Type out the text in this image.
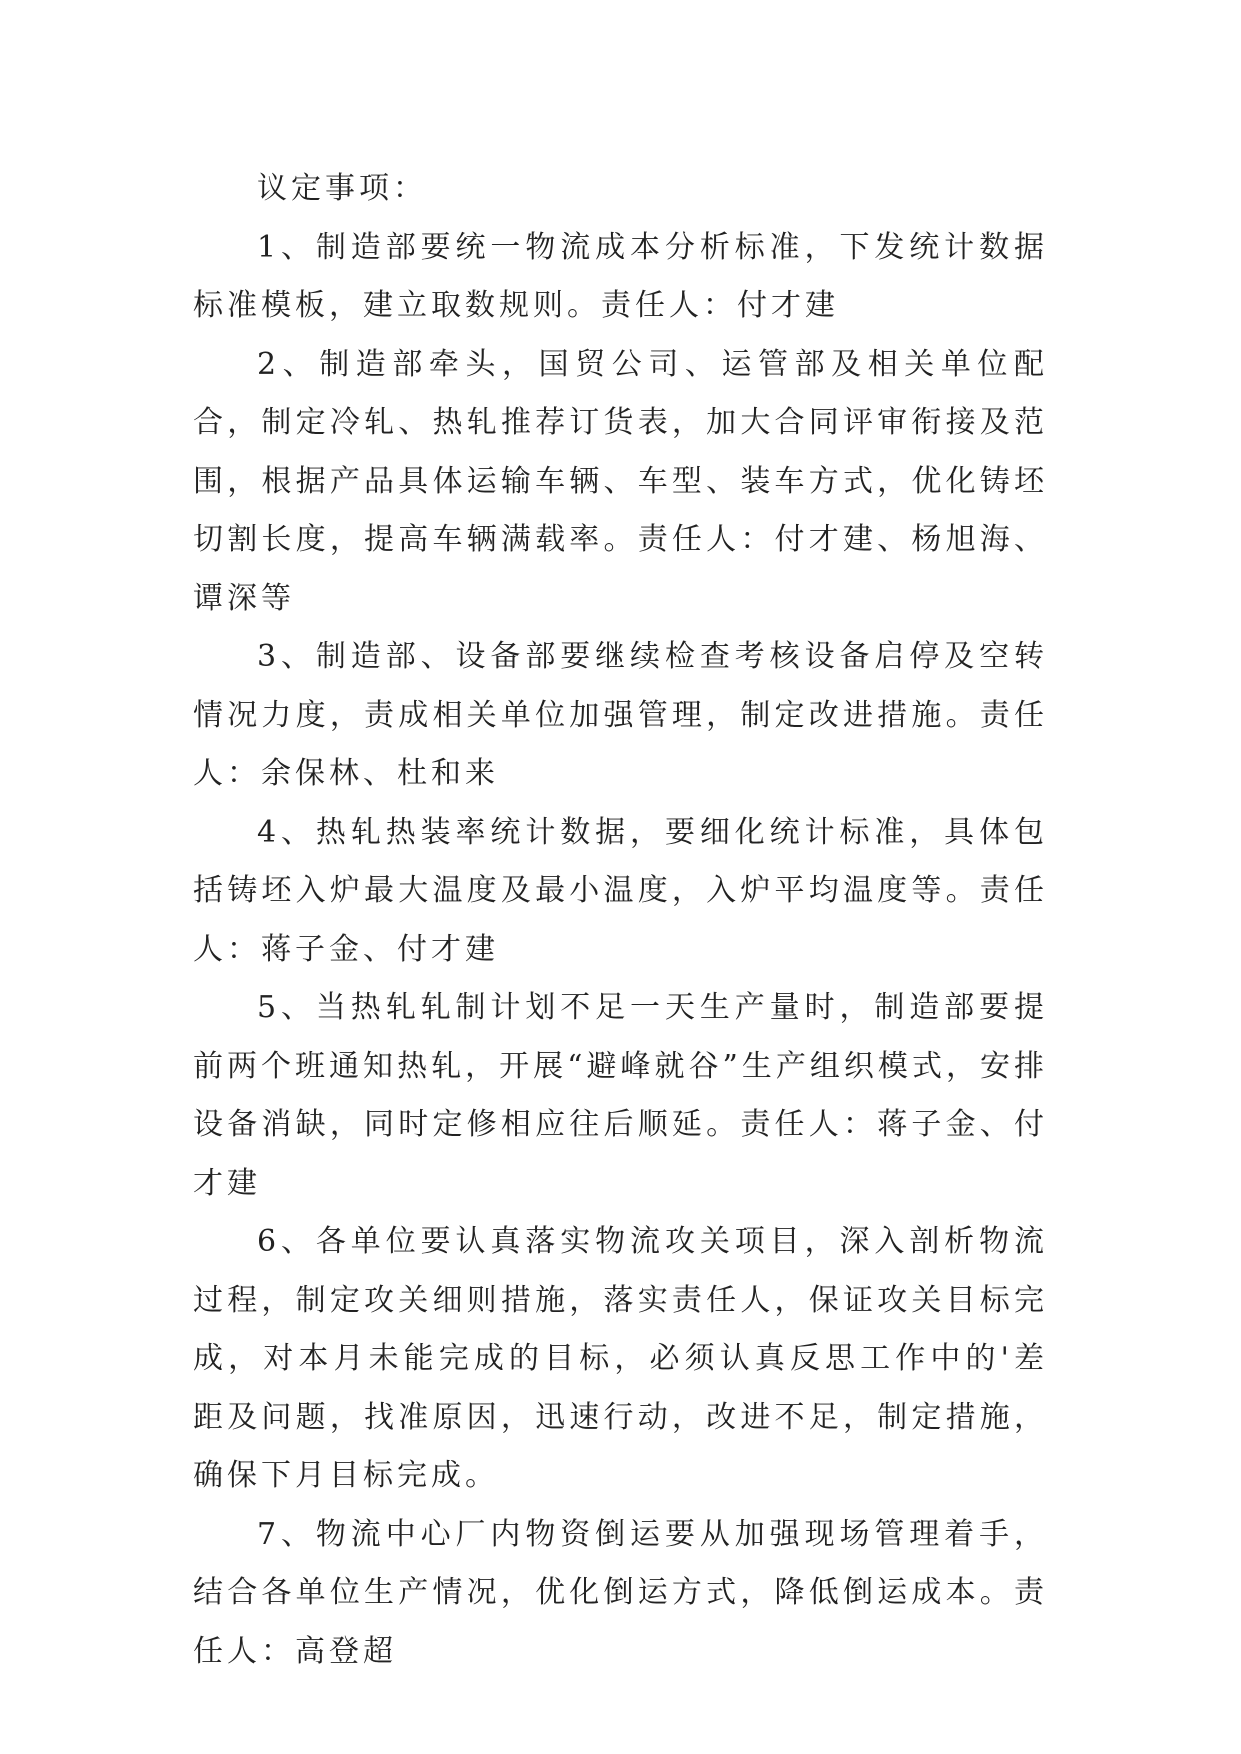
议定事项：

1、制造部要统一物流成本分析标准，下发统计数据标准模板，建立取数规则。责任人：付才建

2、制造部牵头，国贸公司、运管部及相关单位配合，制定冷轧、热轧推荐订货表，加大合同评审衔接及范围，根据产品具体运输车辆、车型、装车方式，优化铸坯切割长度，提高车辆满载率。责任人：付才建、杨旭海、谭深等

3、制造部、设备部要继续检查考核设备启停及空转情况力度，责成相关单位加强管理，制定改进措施。责任人：余保林、杜和来

4、热轧热装率统计数据，要细化统计标准，具体包括铸坯入炉最大温度及最小温度，入炉平均温度等。责任人：蒋子金、付才建

5、当热轧轧制计划不足一天生产量时，制造部要提前两个班通知热轧，开展“避峰就谷”生产组织模式，安排设备消缺，同时定修相应往后顺延。责任人：蒋子金、付才建

6、各单位要认真落实物流攻关项目，深入剖析物流过程，制定攻关细则措施，落实责任人，保证攻关目标完成，对本月未能完成的目标，必须认真反思工作中的'差距及问题，找准原因，迅速行动，改进不足，制定措施，确保下月目标完成。

7、物流中心厂内物资倒运要从加强现场管理着手，结合各单位生产情况，优化倒运方式，降低倒运成本。责任人：高登超
